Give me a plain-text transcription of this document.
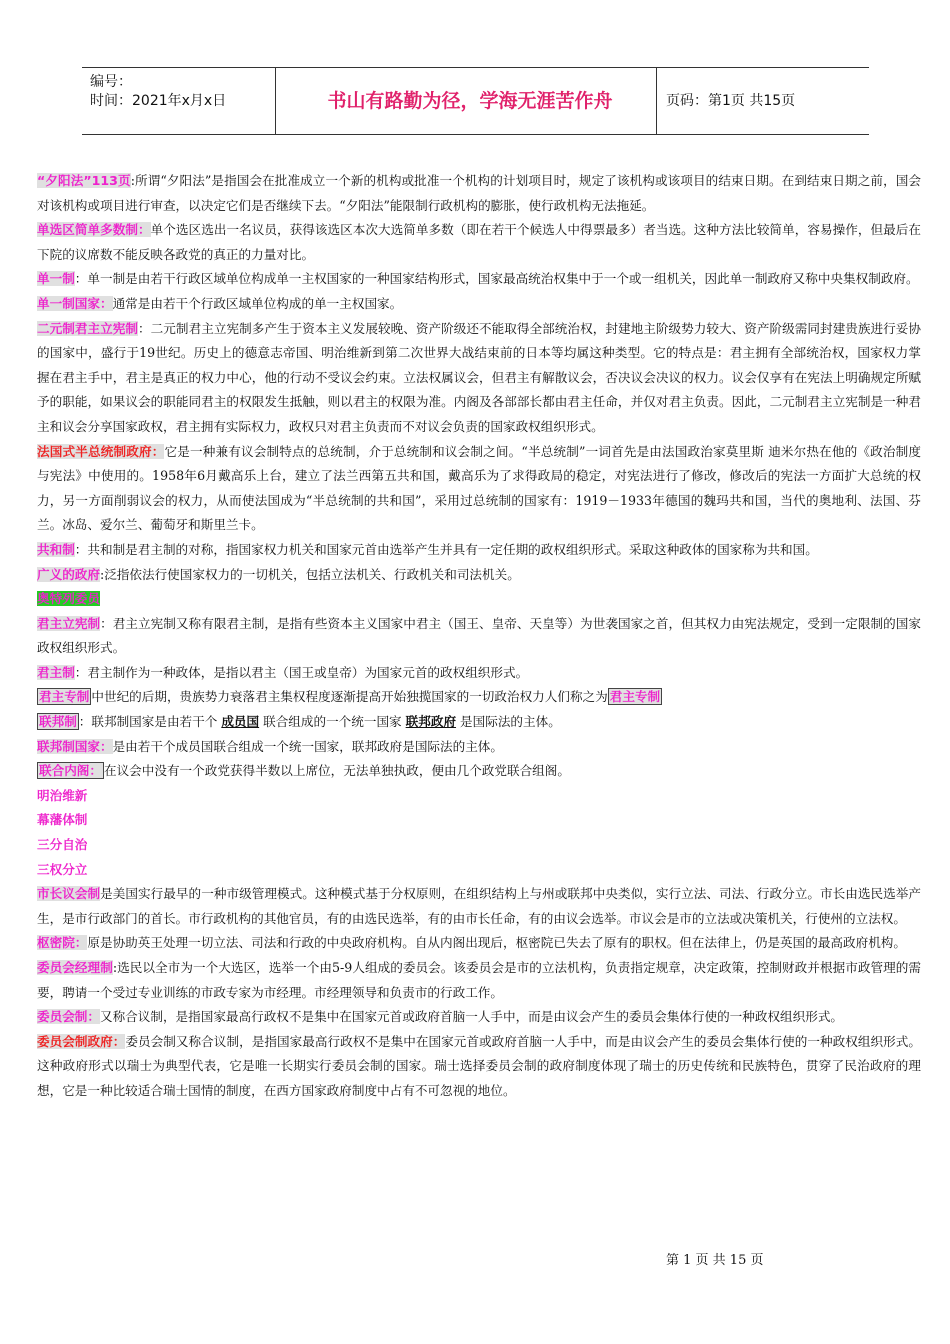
编号：
时间：2021年x月x日	书山有路勤为径，学海无涯苦作舟	页码：第1页 共15页

“夕阳法”113页:所谓“夕阳法”是指国会在批准成立一个新的机构或批准一个机构的计划项目时，规定了该机构或该项目的结束日期。在到结束日期之前，国会对该机构或项目进行审查，以决定它们是否继续下去。“夕阳法”能限制行政机构的膨胀，使行政机构无法拖延。

单选区简单多数制：单个选区选出一名议员，获得该选区本次大选简单多数（即在若干个候选人中得票最多）者当选。这种方法比较简单，容易操作，但最后在下院的议席数不能反映各政党的真正的力量对比。

单一制：单一制是由若干行政区域单位构成单一主权国家的一种国家结构形式，国家最高统治权集中于一个或一组机关，因此单一制政府又称中央集权制政府。

单一制国家：通常是由若干个行政区域单位构成的单一主权国家。

二元制君主立宪制：二元制君主立宪制多产生于资本主义发展较晚、资产阶级还不能取得全部统治权，封建地主阶级势力较大、资产阶级需同封建贵族进行妥协的国家中，盛行于19世纪。历史上的德意志帝国、明治维新到第二次世界大战结束前的日本等均属这种类型。它的特点是：君主拥有全部统治权，国家权力掌握在君主手中，君主是真正的权力中心，他的行动不受议会约束。立法权属议会，但君主有解散议会，否决议会决议的权力。议会仅享有在宪法上明确规定所赋予的职能，如果议会的职能同君主的权限发生抵触，则以君主的权限为准。内阁及各部部长都由君主任命，并仅对君主负责。因此，二元制君主立宪制是一种君主和议会分享国家政权，君主拥有实际权力，政权只对君主负责而不对议会负责的国家政权组织形式。

法国式半总统制政府：它是一种兼有议会制特点的总统制，介于总统制和议会制之间。“半总统制”一词首先是由法国政治家莫里斯 迪米尔热在他的《政治制度与宪法》中使用的。1958年6月戴高乐上台，建立了法兰西第五共和国，戴高乐为了求得政局的稳定，对宪法进行了修改，修改后的宪法一方面扩大总统的权力，另一方面削弱议会的权力，从而使法国成为“半总统制的共和国”，采用过总统制的国家有：1919－1933年德国的魏玛共和国，当代的奥地利、法国、芬兰。冰岛、爱尔兰、葡萄牙和斯里兰卡。

共和制：共和制是君主制的对称，指国家权力机关和国家元首由选举产生并具有一定任期的政权组织形式。采取这种政体的国家称为共和国。

广义的政府:泛指依法行使国家权力的一切机关，包括立法机关、行政机关和司法机关。

奥特列委员

君主立宪制：君主立宪制又称有限君主制，是指有些资本主义国家中君主（国王、皇帝、天皇等）为世袭国家之首，但其权力由宪法规定，受到一定限制的国家政权组织形式。

君主制：君主制作为一种政体，是指以君主（国王或皇帝）为国家元首的政权组织形式。

君主专制 中世纪的后期，贵族势力衰落君主集权程度逐渐提高开始独揽国家的一切政治权力人们称之为 君主专制

联邦制 ：联邦制国家是由若干个 成员国 联合组成的一个统一国家 联邦政府 是国际法的主体。

联邦制国家：是由若干个成员国联合组成一个统一国家，联邦政府是国际法的主体。

联合内阁： 在议会中没有一个政党获得半数以上席位，无法单独执政，便由几个政党联合组阁。

明治维新

幕藩体制

三分自治

三权分立

市长议会制是美国实行最早的一种市级管理模式。这种模式基于分权原则，在组织结构上与州或联邦中央类似，实行立法、司法、行政分立。市长由选民选举产生，是市行政部门的首长。市行政机构的其他官员，有的由选民选举，有的由市长任命，有的由议会选举。市议会是市的立法或决策机关，行使州的立法权。

枢密院：原是协助英王处理一切立法、司法和行政的中央政府机构。自从内阁出现后，枢密院已失去了原有的职权。但在法律上，仍是英国的最高政府机构。

委员会经理制:选民以全市为一个大选区，选举一个由5-9人组成的委员会。该委员会是市的立法机构，负责指定规章，决定政策，控制财政并根据市政管理的需要，聘请一个受过专业训练的市政专家为市经理。市经理领导和负责市的行政工作。

委员会制：又称合议制，是指国家最高行政权不是集中在国家元首或政府首脑一人手中，而是由议会产生的委员会集体行使的一种政权组织形式。

委员会制政府：委员会制又称合议制，是指国家最高行政权不是集中在国家元首或政府首脑一人手中，而是由议会产生的委员会集体行使的一种政权组织形式。这种政府形式以瑞士为典型代表，它是唯一长期实行委员会制的国家。瑞士选择委员会制的政府制度体现了瑞士的历史传统和民族特色，贯穿了民治政府的理想，它是一种比较适合瑞士国情的制度，在西方国家政府制度中占有不可忽视的地位。

第 1 页 共 15 页
